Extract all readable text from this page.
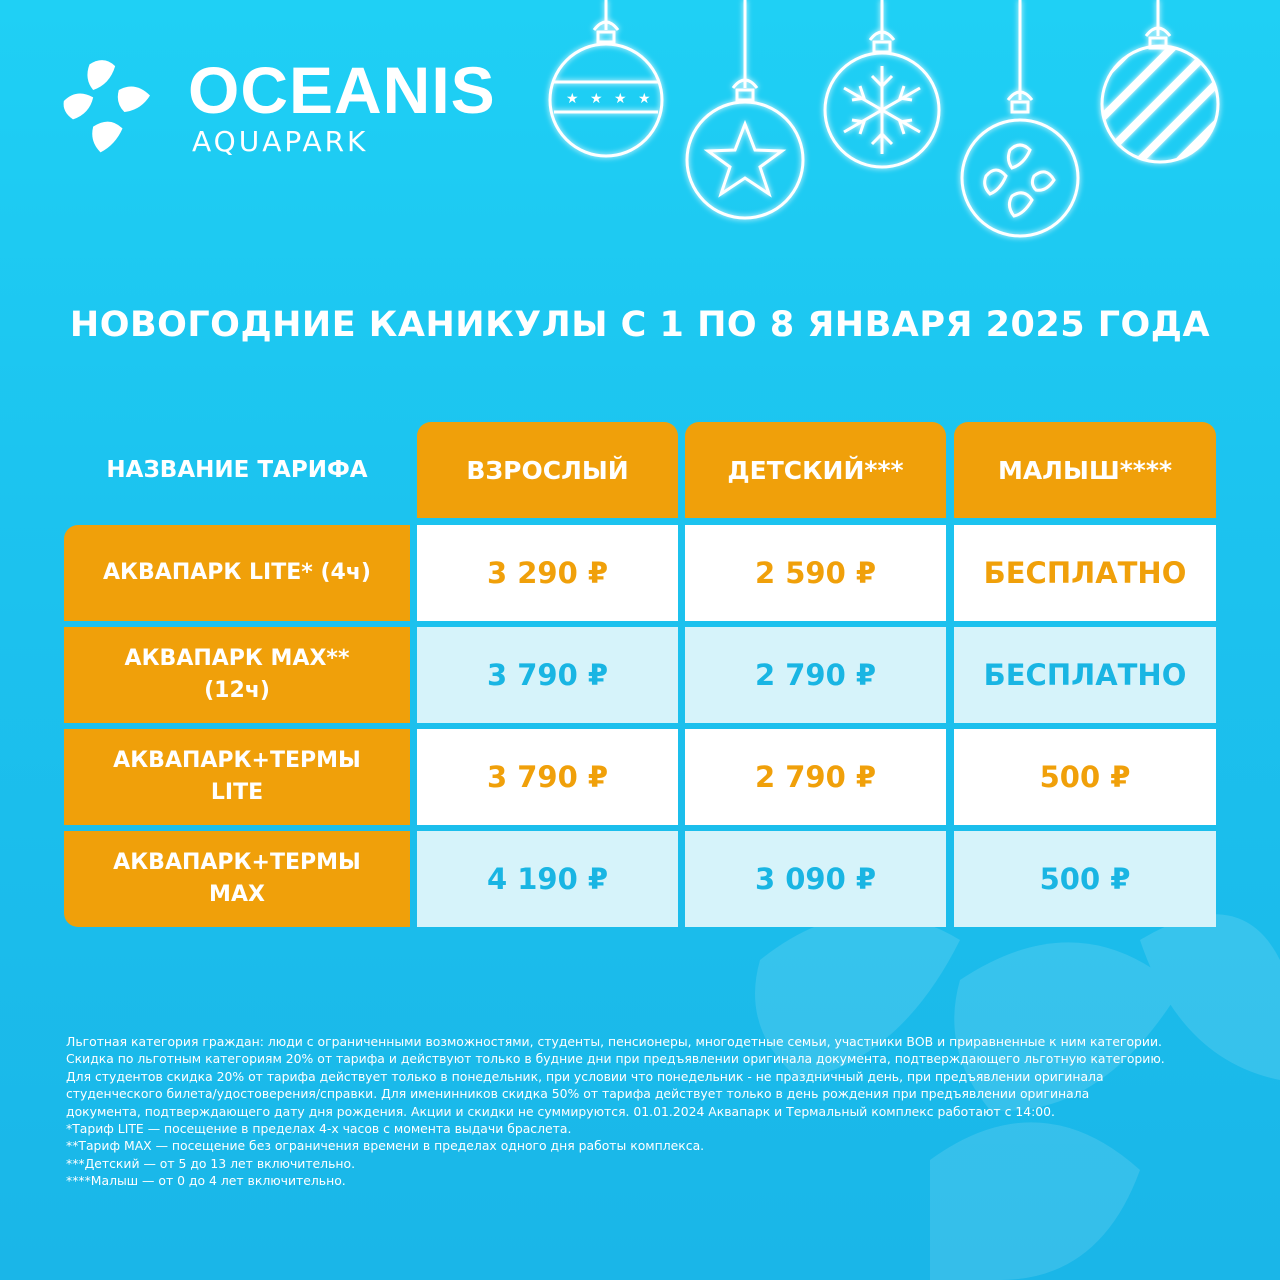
★ ★ ★ ★
OCEANIS
AQUAPARK
НОВОГОДНИЕ КАНИКУЛЫ С 1 ПО 8 ЯНВАРЯ 2025 ГОДА
НАЗВАНИЕ ТАРИФА	ВЗРОСЛЫЙ	ДЕТСКИЙ***	МАЛЫШ****
АКВАПАРК LITE* (4ч)	3 290 ₽	2 590 ₽	БЕСПЛАТНО
АКВАПАРК MAX** (12ч)	3 790 ₽	2 790 ₽	БЕСПЛАТНО
АКВАПАРК+ТЕРМЫ LITE	3 790 ₽	2 790 ₽	500 ₽
АКВАПАРК+ТЕРМЫ MAX	4 190 ₽	3 090 ₽	500 ₽
Льготная категория граждан: люди с ограниченными возможностями, студенты, пенсионеры, многодетные семьи, участники ВОВ и приравненные к ним категории.
Скидка по льготным категориям 20% от тарифа и действуют только в будние дни при предъявлении оригинала документа, подтверждающего льготную категорию.
Для студентов скидка 20% от тарифа действует только в понедельник, при условии что понедельник - не праздничный день, при предъявлении оригинала
студенческого билета/удостоверения/справки. Для именинников скидка 50% от тарифа действует только в день рождения при предъявлении оригинала
документа, подтверждающего дату дня рождения. Акции и скидки не суммируются. 01.01.2024 Аквапарк и Термальный комплекс работают с 14:00.
*Тариф LITE — посещение в пределах 4-х часов с момента выдачи браслета.
**Тариф MAX — посещение без ограничения времени в пределах одного дня работы комплекса.
***Детский — от 5 до 13 лет включительно.
****Малыш — от 0 до 4 лет включительно.
